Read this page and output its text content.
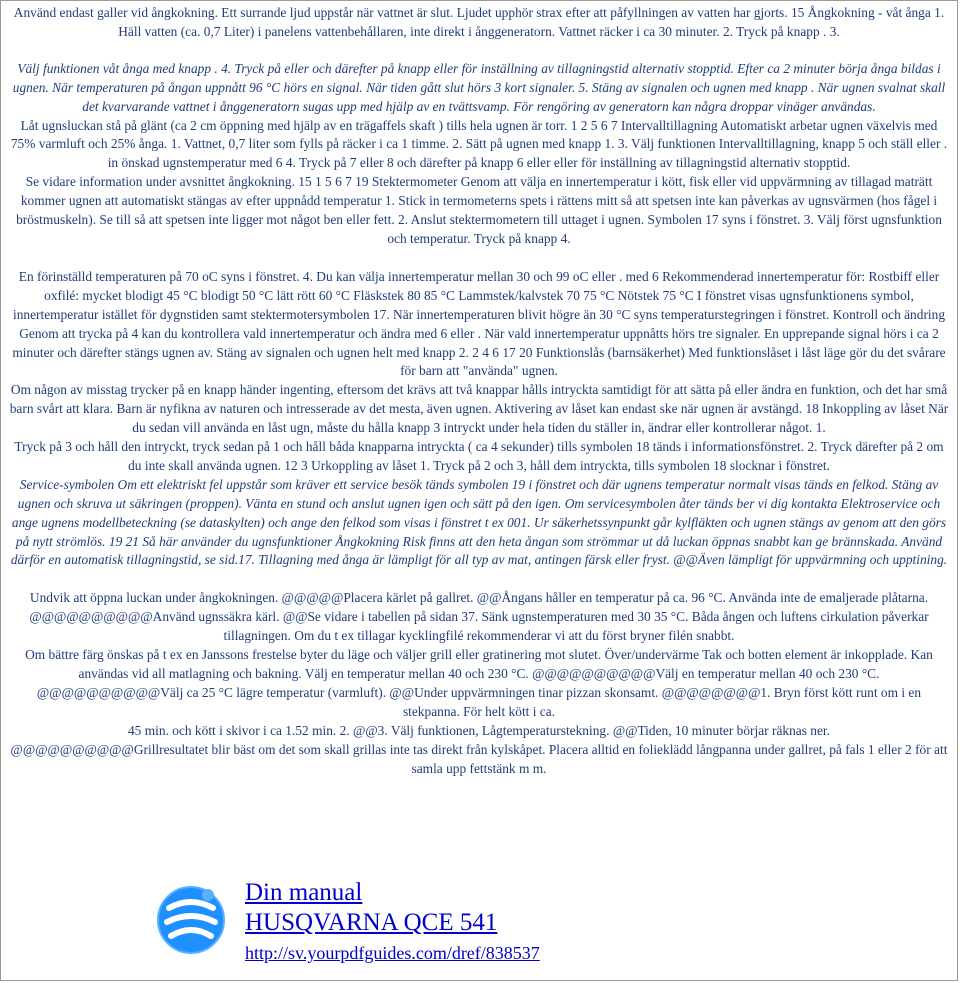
Använd endast galler vid ångkokning. Ett surrande ljud uppstår när vattnet är slut. Ljudet upphör strax efter att påfyllningen av vatten har gjorts. 15 Ångkokning - våt ånga 1. Häll vatten (ca. 0,7 Liter) i panelens vattenbehållaren, inte direkt i ånggeneratorn. Vattnet räcker i ca 30 minuter. 2. Tryck på knapp . 3.

Välj funktionen våt ånga med knapp . 4. Tryck på eller och därefter på knapp eller för inställning av tillagningstid alternativ stopptid. Efter ca 2 minuter börja ånga bildas i ugnen. När temperaturen på ångan uppnått 96 °C hörs en signal. När tiden gått slut hörs 3 kort signaler. 5. Stäng av signalen och ugnen med knapp . När ugnen svalnat skall det kvarvarande vattnet i ånggeneratorn sugas upp med hjälp av en tvättsvamp. För rengöring av generatorn kan några droppar vinäger användas.

Låt ugnsluckan stå på glänt (ca 2 cm öppning med hjälp av en trägaffels skaft ) tills hela ugnen är torr. 1 2 5 6 7 Intervalltillagning Automatiskt arbetar ugnen växelvis med 75% varmluft och 25% ånga. 1. Vattnet, 0,7 liter som fylls på räcker i ca 1 timme. 2. Sätt på ugnen med knapp 1. 3. Välj funktionen Intervalltillagning, knapp 5 och ställ eller . in önskad ugnstemperatur med 6 4. Tryck på 7 eller 8 och därefter på knapp 6 eller eller för inställning av tillagningstid alternativ stopptid.

Se vidare information under avsnittet ångkokning. 15 1 5 6 7 19 Stektermometer Genom att välja en innertemperatur i kött, fisk eller vid uppvärmning av tillagad maträtt kommer ugnen att automatiskt stängas av efter uppnådd temperatur 1. Stick in termometerns spets i rättens mitt så att spetsen inte kan påverkas av ugnsvärmen (hos fågel i bröstmuskeln). Se till så att spetsen inte ligger mot något ben eller fett. 2. Anslut stektermometern till uttaget i ugnen. Symbolen 17 syns i fönstret. 3. Välj först ugnsfunktion och temperatur. Tryck på knapp 4.

En förinställd temperaturen på 70 oC syns i fönstret. 4. Du kan välja innertemperatur mellan 30 och 99 oC eller . med 6 Rekommenderad innertemperatur för: Rostbiff eller oxfilé: mycket blodigt 45 °C blodigt 50 °C lätt rött 60 °C Fläskstek 80 85 °C Lammstek/kalvstek 70 75 °C Nötstek 75 °C I fönstret visas ugnsfunktionens symbol, innertemperatur istället för dygnstiden samt stektermotersymbolen 17. När innertemperaturen blivit högre än 30 °C syns temperaturstegringen i fönstret. Kontroll och ändring Genom att trycka på 4 kan du kontrollera vald innertemperatur och ändra med 6 eller . När vald innertemperatur uppnåtts hörs tre signaler. En upprepande signal hörs i ca 2 minuter och därefter stängs ugnen av. Stäng av signalen och ugnen helt med knapp 2. 2 4 6 17 20 Funktionslås (barnsäkerhet) Med funktionslåset i låst läge gör du det svårare för barn att "använda" ugnen.

Om någon av misstag trycker på en knapp händer ingenting, eftersom det krävs att två knappar hålls intryckta samtidigt för att sätta på eller ändra en funktion, och det har små barn svårt att klara. Barn är nyfikna av naturen och intresserade av det mesta, även ugnen. Aktivering av låset kan endast ske när ugnen är avstängd. 18 Inkoppling av låset När du sedan vill använda en låst ugn, måste du hålla knapp 3 intryckt under hela tiden du ställer in, ändrar eller kontrollerar något. 1.

Tryck på 3 och håll den intryckt, tryck sedan på 1 och håll båda knapparna intryckta ( ca 4 sekunder) tills symbolen 18 tänds i informationsfönstret. 2. Tryck därefter på 2 om du inte skall använda ugnen. 12 3 Urkoppling av låset 1. Tryck på 2 och 3, håll dem intryckta, tills symbolen 18 slocknar i fönstret.

Service-symbolen Om ett elektriskt fel uppstår som kräver ett service besök tänds symbolen 19 i fönstret och där ugnens temperatur normalt visas tänds en felkod. Stäng av ugnen och skruva ut säkringen (proppen). Vänta en stund och anslut ugnen igen och sätt på den igen. Om servicesymbolen åter tänds ber vi dig kontakta Elektroservice och ange ugnens modellbeteckning (se dataskylten) och ange den felkod som visas i fönstret t ex 001. Ur säkerhetssynpunkt går kylfläkten och ugnen stängs av genom att den görs på nytt strömlös. 19 21 Så här använder du ugnsfunktioner Ångkokning Risk finns att den heta ångan som strömmar ut då luckan öppnas snabbt kan ge brännskada. Använd därför en automatisk tillagningstid, se sid.17. Tillagning med ånga är lämpligt för all typ av mat, antingen färsk eller fryst. @@Även lämpligt för uppvärmning och upptining.

Undvik att öppna luckan under ångkokningen. @@@@@Placera kärlet på gallret. @@Ångans håller en temperatur på ca. 96 °C. Använda inte de emaljerade plåtarna. @@@@@@@@@@Använd ugnssäkra kärl. @@Se vidare i tabellen på sidan 37. Sänk ugnstemperaturen med 30 35 °C. Båda ången och luftens cirkulation påverkar tillagningen. Om du t ex tillagar kycklingfilé rekommenderar vi att du först bryner filén snabbt.

Om bättre färg önskas på t ex en Janssons frestelse byter du läge och väljer grill eller gratinering mot slutet. Över/undervärme Tak och botten element är inkopplade. Kan användas vid all matlagning och bakning. Välj en temperatur mellan 40 och 230 °C. @@@@@@@@@@Välj en temperatur mellan 40 och 230 °C.

@@@@@@@@@@Välj ca 25 °C lägre temperatur (varmluft). @@Under uppvärmningen tinar pizzan skonsamt. @@@@@@@@1. Bryn först kött runt om i en stekpanna. För helt kött i ca.

45 min. och kött i skivor i ca 1.52 min. 2. @@3. Välj funktionen, Lågtemperaturstekning. @@Tiden, 10 minuter börjar räknas ner.

@@@@@@@@@@Grillresultatet blir bäst om det som skall grillas inte tas direkt från kylskåpet. Placera alltid en folieklädd långpanna under gallret, på fals 1 eller 2 för att samla upp fettstänk m m.

Din manual
HUSQVARNA QCE 541
http://sv.yourpdfguides.com/dref/838537
